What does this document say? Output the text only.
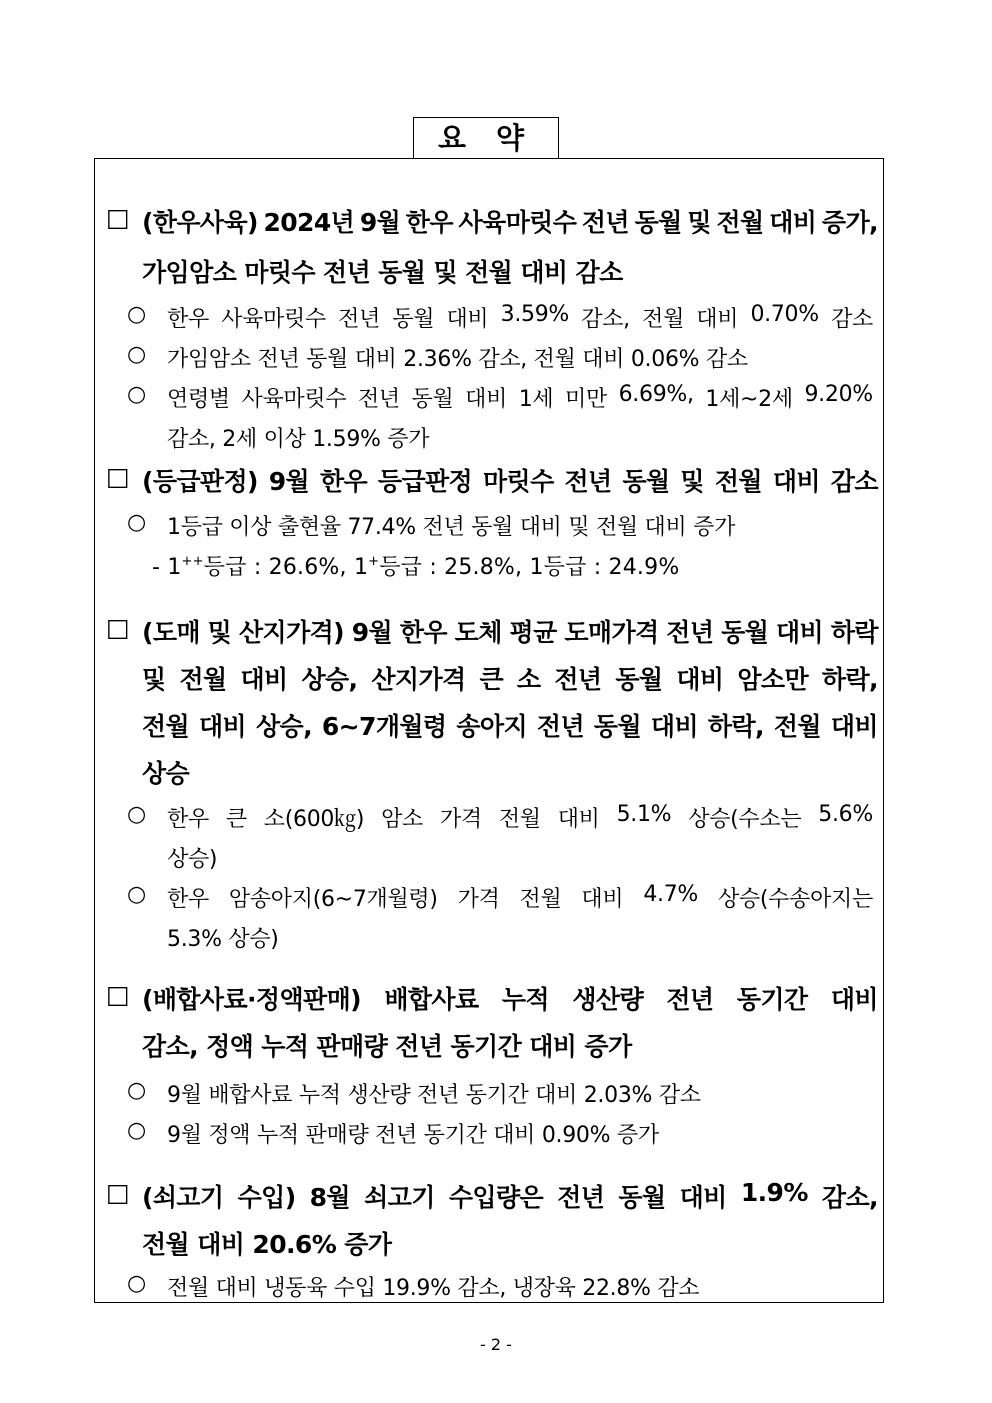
요 약
□ (한우사육) 2024년 9월 한우 사육마릿수 전년 동월 및 전월 대비 증가,
가임암소 마릿수 전년 동월 및 전월 대비 감소
○ 한우 사육마릿수 전년 동월 대비 3.59% 감소, 전월 대비 0.70% 감소
○ 가임암소 전년 동월 대비 2.36% 감소, 전월 대비 0.06% 감소
○ 연령별 사육마릿수 전년 동월 대비 1세 미만 6.69%, 1세~2세 9.20%
감소, 2세 이상 1.59% 증가
□ (등급판정) 9월 한우 등급판정 마릿수 전년 동월 및 전월 대비 감소
○ 1등급 이상 출현율 77.4% 전년 동월 대비 및 전월 대비 증가
- 1++등급 : 26.6%, 1+등급 : 25.8%, 1등급 : 24.9%
□ (도매 및 산지가격) 9월 한우 도체 평균 도매가격 전년 동월 대비 하락
및 전월 대비 상승, 산지가격 큰 소 전년 동월 대비 암소만 하락,
전월 대비 상승, 6~7개월령 송아지 전년 동월 대비 하락, 전월 대비
상승
○ 한우 큰 소(600㎏) 암소 가격 전월 대비 5.1% 상승(수소는 5.6%
상승)
○ 한우 암송아지(6~7개월령) 가격 전월 대비 4.7% 상승(수송아지는
5.3% 상승)
□ (배합사료·정액판매) 배합사료 누적 생산량 전년 동기간 대비
감소, 정액 누적 판매량 전년 동기간 대비 증가
○ 9월 배합사료 누적 생산량 전년 동기간 대비 2.03% 감소
○ 9월 정액 누적 판매량 전년 동기간 대비 0.90% 증가
□ (쇠고기 수입) 8월 쇠고기 수입량은 전년 동월 대비 1.9% 감소,
전월 대비 20.6% 증가
○ 전월 대비 냉동육 수입 19.9% 감소, 냉장육 22.8% 감소
- 2 -
